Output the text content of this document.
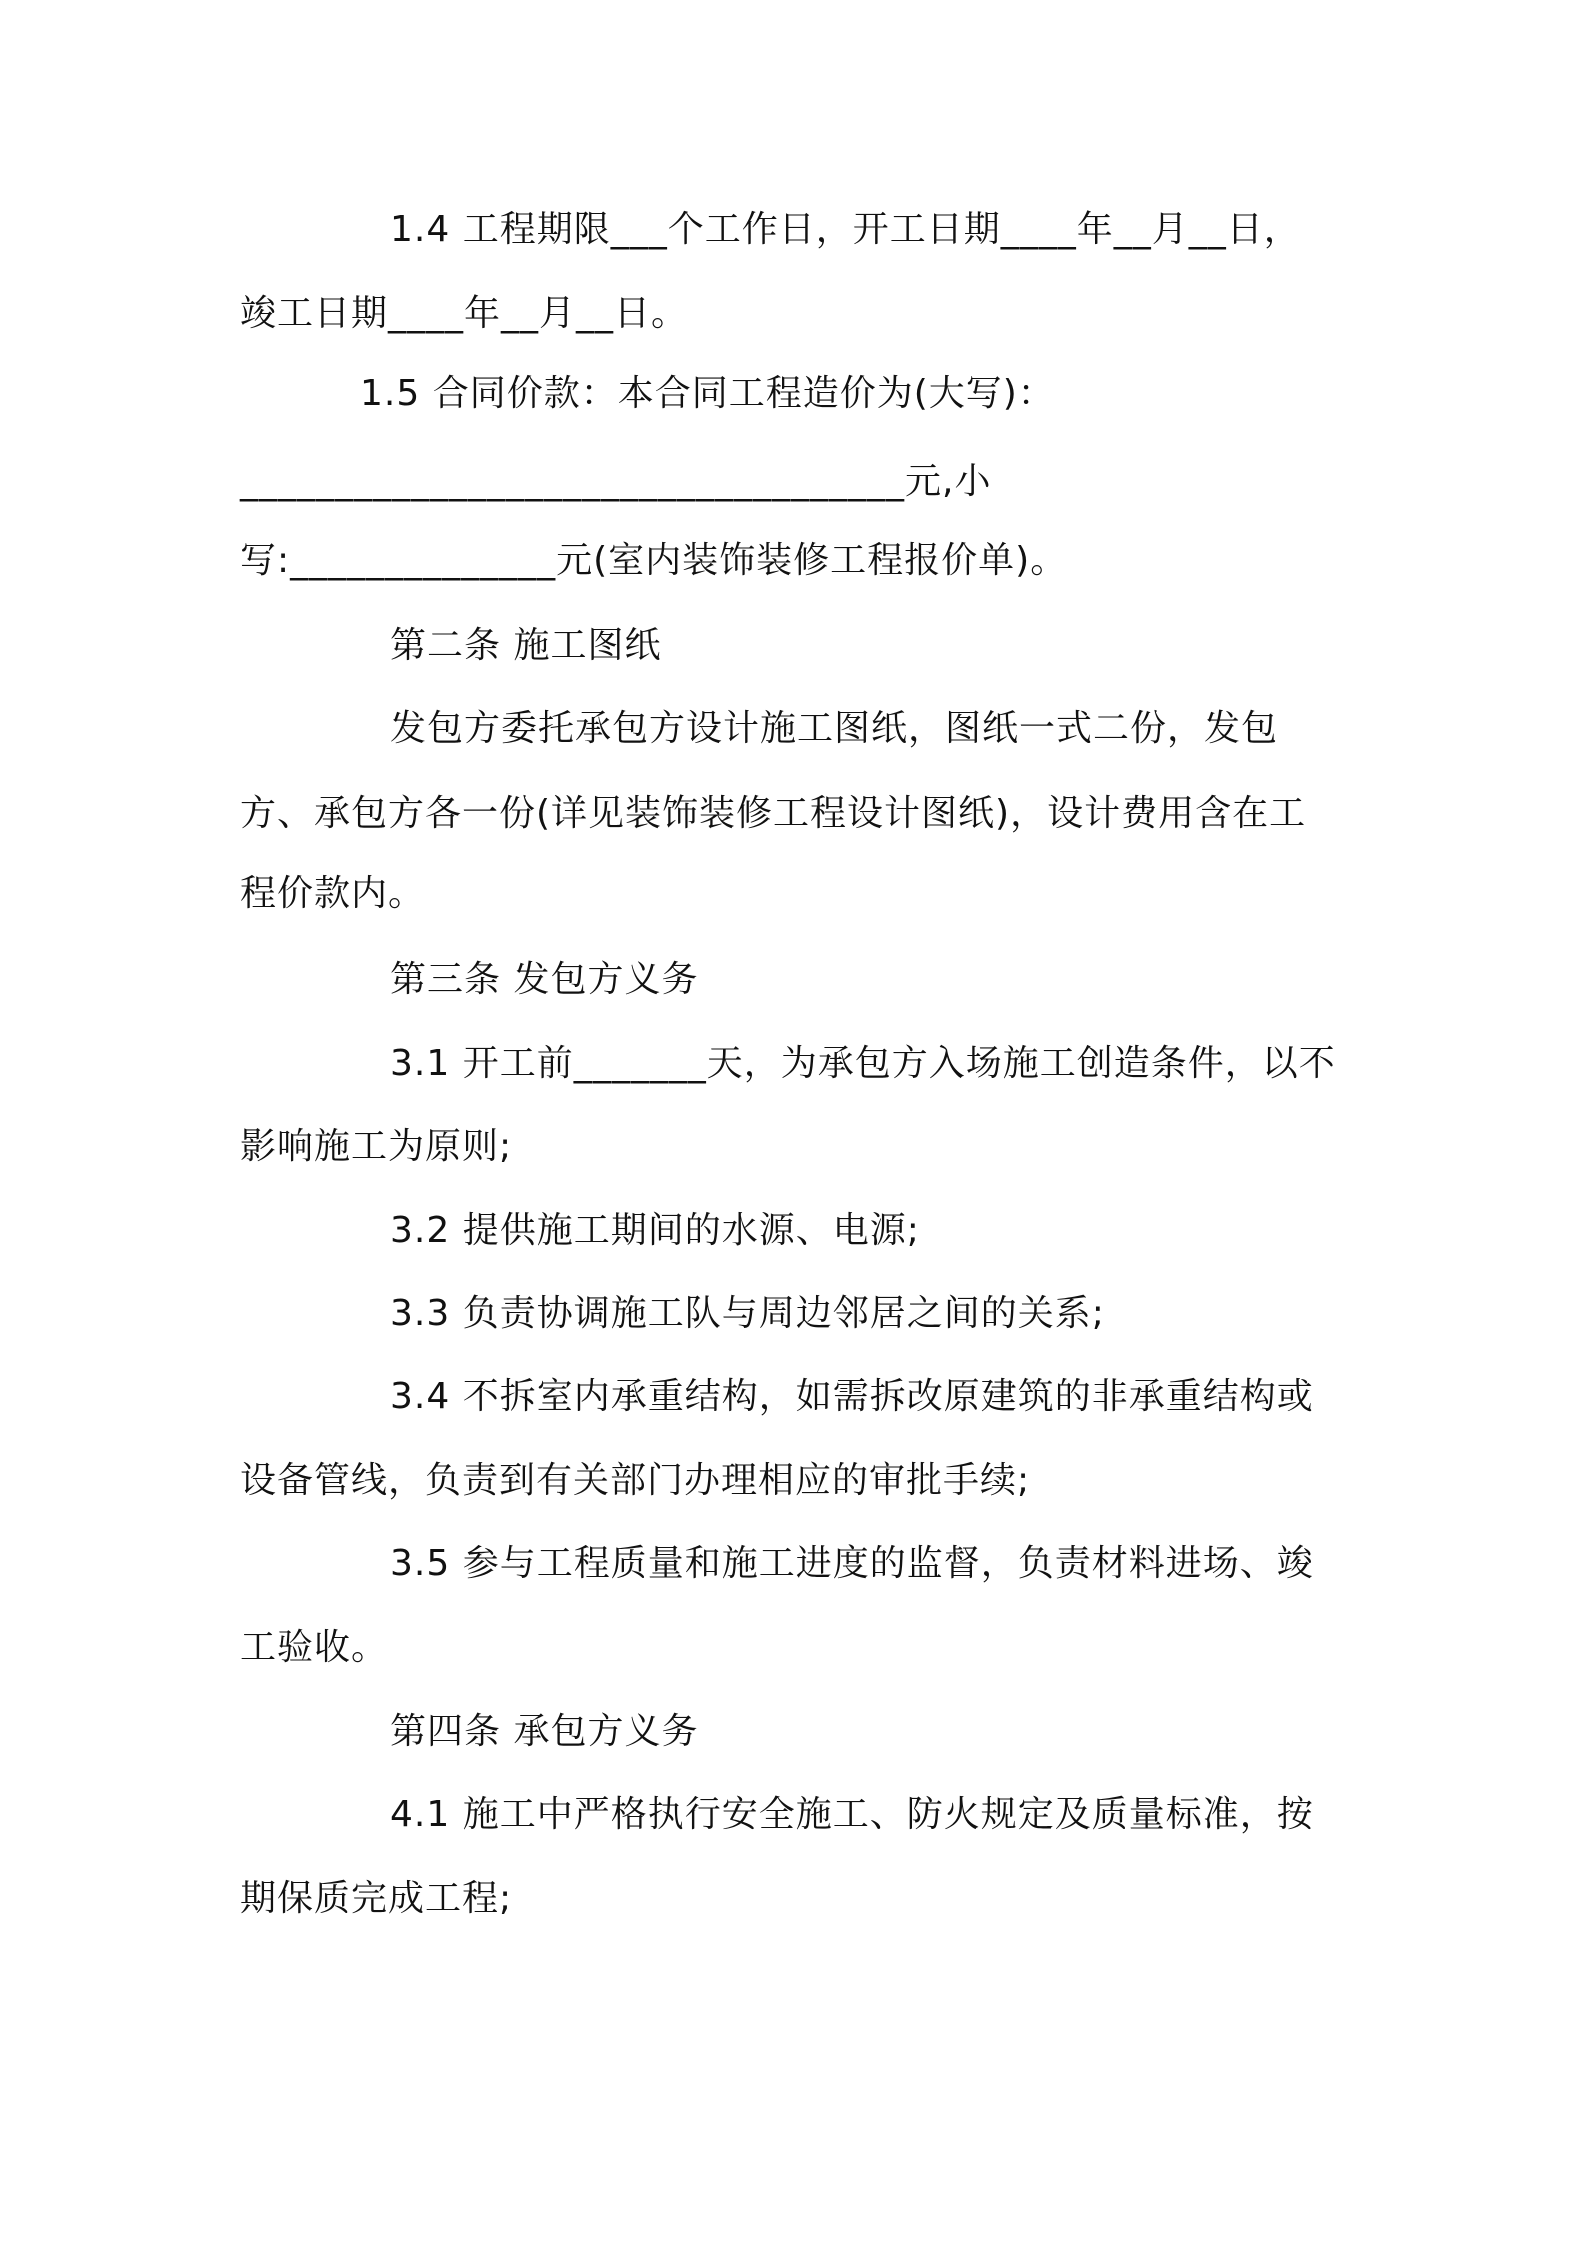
1.4 工程期限___个工作日，开工日期____年__月__日，
竣工日期____年__月__日。
1.5 合同价款：本合同工程造价为(大写)：
___________________________________元,小
写:______________元(室内装饰装修工程报价单)。
第二条 施工图纸
发包方委托承包方设计施工图纸，图纸一式二份，发包
方、承包方各一份(详见装饰装修工程设计图纸)，设计费用含在工
程价款内。
第三条 发包方义务
3.1 开工前_______天，为承包方入场施工创造条件，以不
影响施工为原则;
3.2 提供施工期间的水源、电源;
3.3 负责协调施工队与周边邻居之间的关系;
3.4 不拆室内承重结构，如需拆改原建筑的非承重结构或
设备管线，负责到有关部门办理相应的审批手续;
3.5 参与工程质量和施工进度的监督，负责材料进场、竣
工验收。
第四条 承包方义务
4.1 施工中严格执行安全施工、防火规定及质量标准，按
期保质完成工程;
